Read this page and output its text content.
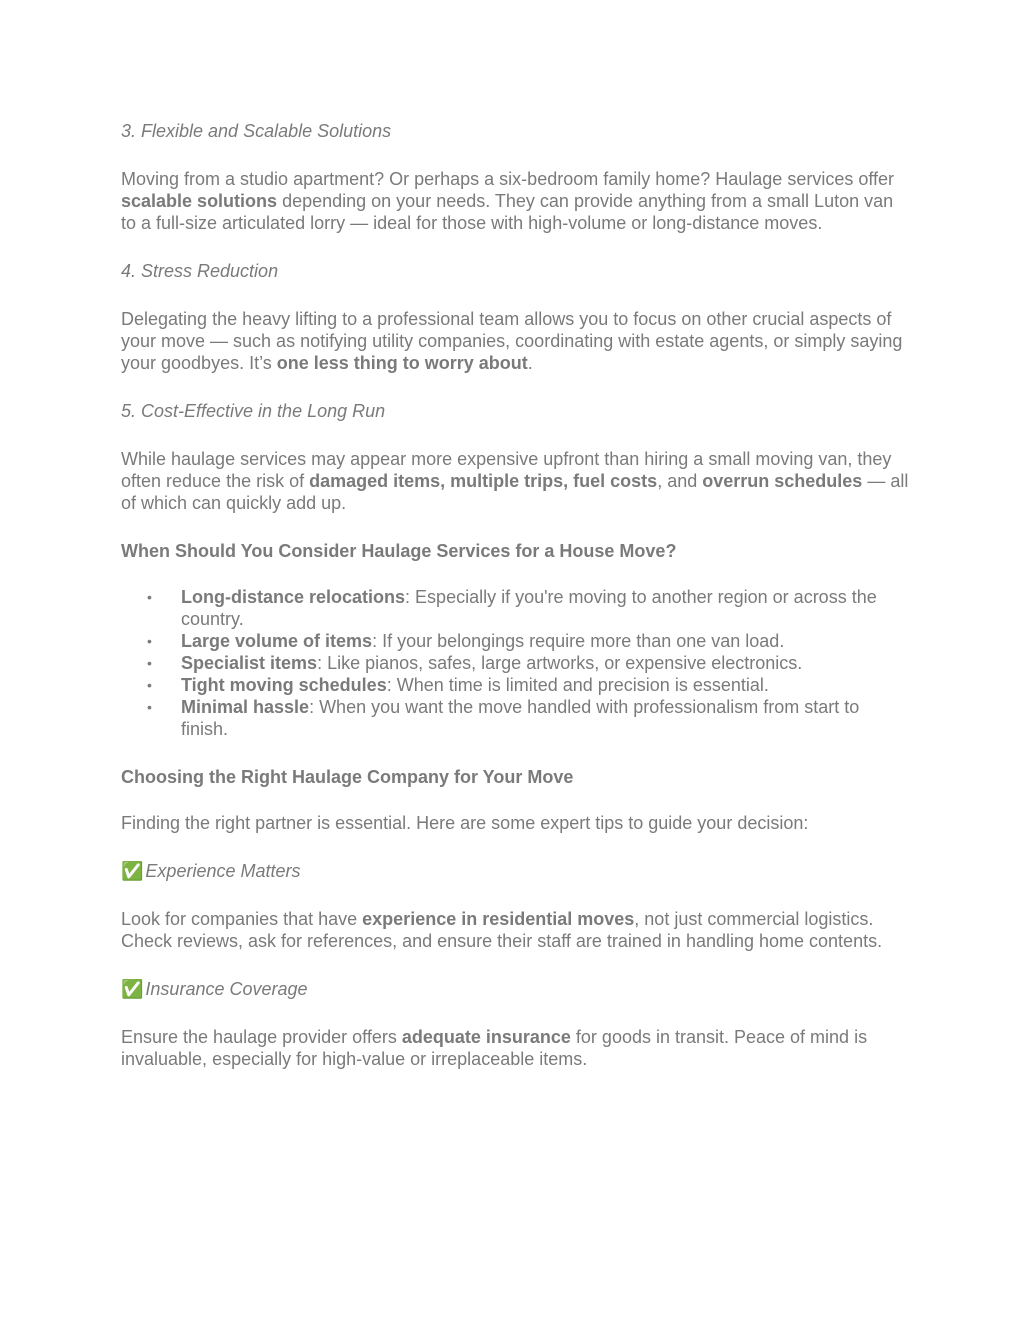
3. Flexible and Scalable Solutions

Moving from a studio apartment? Or perhaps a six-bedroom family home? Haulage services offer scalable solutions depending on your needs. They can provide anything from a small Luton van to a full-size articulated lorry — ideal for those with high-volume or long-distance moves.

4. Stress Reduction

Delegating the heavy lifting to a professional team allows you to focus on other crucial aspects of your move — such as notifying utility companies, coordinating with estate agents, or simply saying your goodbyes. It’s one less thing to worry about.

5. Cost-Effective in the Long Run

While haulage services may appear more expensive upfront than hiring a small moving van, they often reduce the risk of damaged items, multiple trips, fuel costs, and overrun schedules — all of which can quickly add up.

When Should You Consider Haulage Services for a House Move?
• Long-distance relocations: Especially if you're moving to another region or across the country.
• Large volume of items: If your belongings require more than one van load.
• Specialist items: Like pianos, safes, large artworks, or expensive electronics.
• Tight moving schedules: When time is limited and precision is essential.
• Minimal hassle: When you want the move handled with professionalism from start to finish.
Choosing the Right Haulage Company for Your Move

Finding the right partner is essential. Here are some expert tips to guide your decision:

✅ Experience Matters

Look for companies that have experience in residential moves, not just commercial logistics. Check reviews, ask for references, and ensure their staff are trained in handling home contents.

✅ Insurance Coverage

Ensure the haulage provider offers adequate insurance for goods in transit. Peace of mind is invaluable, especially for high-value or irreplaceable items.
